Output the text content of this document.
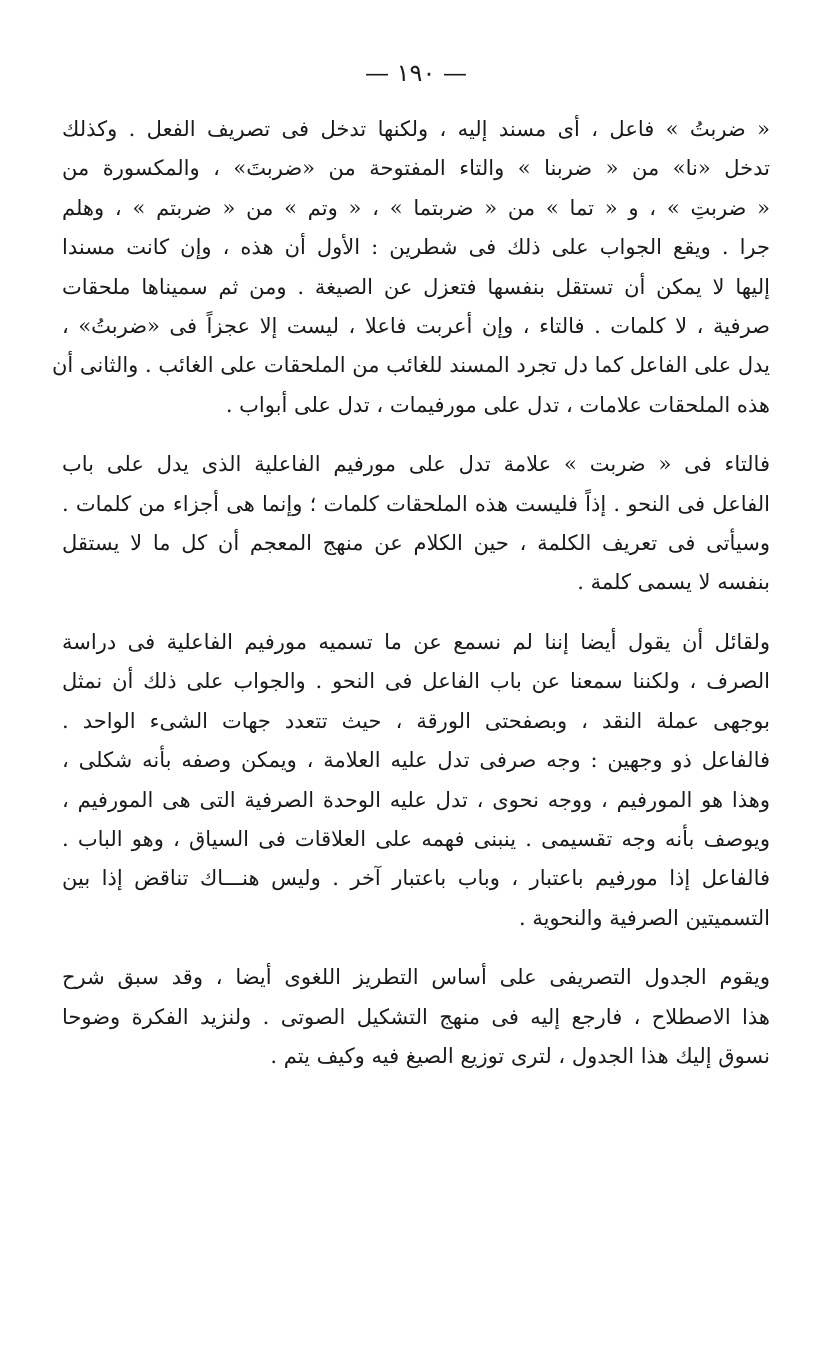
— ١٩٠ —

« ضربتُ » فاعل ، أى مسند إليه ، ولكنها تدخل فى تصريف الفعل . وكذلك
تدخل «نا» من « ضربنا » والتاء المفتوحة من «ضربتَ» ، والمكسورة من
« ضربتِ » ، و « تما » من « ضربتما » ، « وتم » من « ضربتم » ، وهلم
جرا . ويقع الجواب على ذلك فى شطرين : الأول أن هذه ، وإن كانت مسندا
إليها لا يمكن أن تستقل بنفسها فتعزل عن الصيغة . ومن ثم سميناها ملحقات
صرفية ، لا كلمات . فالتاء ، وإن أعربت فاعلا ، ليست إلا عجزاً فى «ضربتُ» ،
يدل على الفاعل كما دل تجرد المسند للغائب من الملحقات على الغائب . والثانى أن
هذه الملحقات علامات ، تدل على مورفيمات ، تدل على أبواب .

فالتاء فى « ضربت » علامة تدل على مورفيم الفاعلية الذى يدل على باب
الفاعل فى النحو . إذاً فليست هذه الملحقات كلمات ؛ وإنما هى أجزاء من كلمات .
وسيأتى فى تعريف الكلمة ، حين الكلام عن منهج المعجم أن كل ما لا يستقل
بنفسه لا يسمى كلمة .

ولقائل أن يقول أيضا إننا لم نسمع عن ما تسميه مورفيم الفاعلية فى دراسة
الصرف ، ولكننا سمعنا عن باب الفاعل فى النحو . والجواب على ذلك أن نمثل
بوجهى عملة النقد ، وبصفحتى الورقة ، حيث تتعدد جهات الشىء الواحد .
فالفاعل ذو وجهين : وجه صرفى تدل عليه العلامة ، ويمكن وصفه بأنه شكلى ،
وهذا هو المورفيم ، ووجه نحوى ، تدل عليه الوحدة الصرفية التى هى المورفيم ،
ويوصف بأنه وجه تقسيمى . ينبنى فهمه على العلاقات فى السياق ، وهو الباب .
فالفاعل إذا مورفيم باعتبار ، وباب باعتبار آخر . وليس هنـــاك تناقض إذا بين
التسميتين الصرفية والنحوية .

ويقوم الجدول التصريفى على أساس التطريز اللغوى أيضا ، وقد سبق شرح
هذا الاصطلاح ، فارجع إليه فى منهج التشكيل الصوتى . ولنزيد الفكرة وضوحا
نسوق إليك هذا الجدول ، لترى توزيع الصيغ فيه وكيف يتم .
